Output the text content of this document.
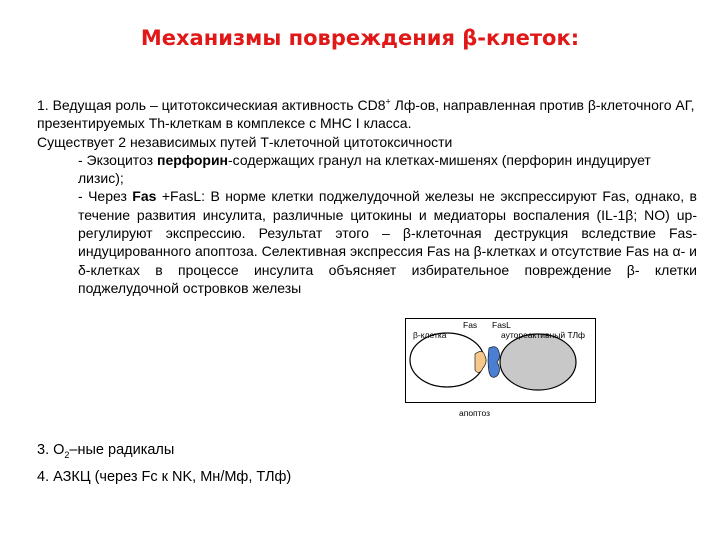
Механизмы повреждения β-клеток:

1. Ведущая роль – цитотоксическиая активность CD8+ Лф-ов, направленная против β-клеточного АГ, презентируемых Th-клеткам в комплексе с MHC I класса.

Существует 2 независимых путей Т-клеточной цитотоксичности

- Экзоцитоз перфорин-содержащих гранул на клетках-мишенях (перфорин индуцирует лизис);

- Через Fas +FasL: В норме клетки поджелудочной железы не экспрессируют Fas, однако, в течение развития инсулита, различные цитокины и медиаторы воспаления (IL-1β; NO) up-регулируют экспрессию. Результат этого – β-клеточная деструкция вследствие Fas-индуцированного апоптоза. Селективная экспрессия Fas на β-клетках и отсутствие Fas на α- и δ-клетках в процессе инсулита объясняет избирательное повреждение β- клетки поджелудочной островков железы

Fas FasL
β-клетка	аутореактивный ТЛф
апоптоз
3. $О_2$–ные радикалы
4. АЗКЦ (через Fc к NK, Мн/Мф, ТЛф)
